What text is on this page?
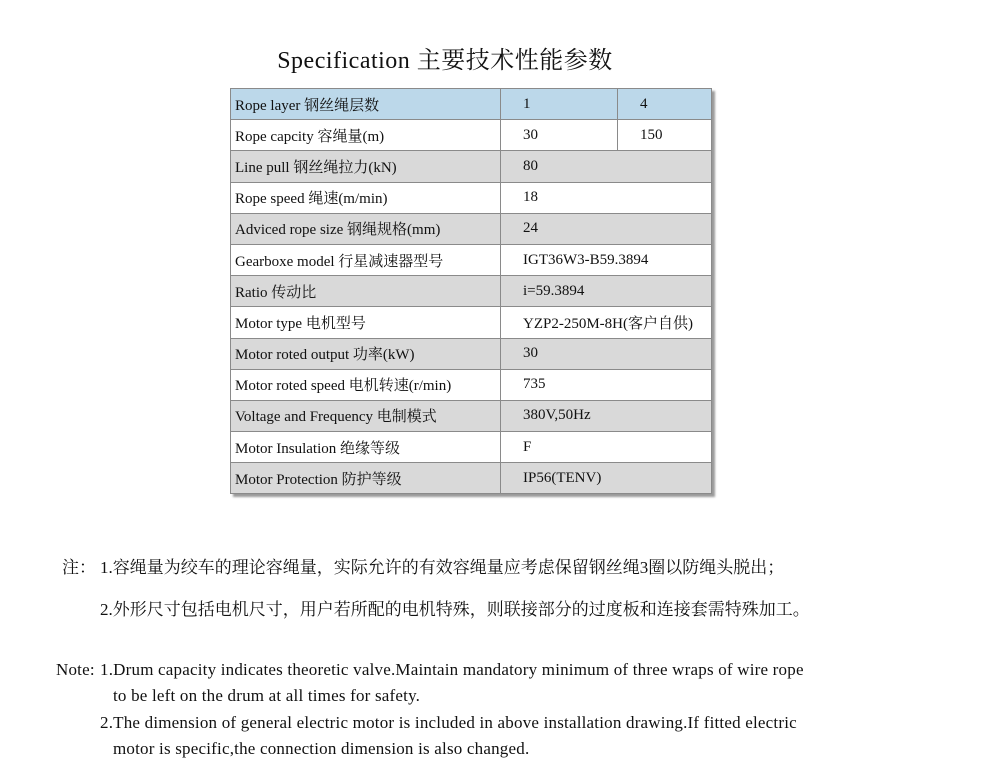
Specification 主要技术性能参数
Rope layer 钢丝绳层数	1	4
Rope capcity 容绳量(m)	30	150
Line pull 钢丝绳拉力(kN)	80	
Rope speed 绳速(m/min)	18	
Adviced rope size 钢绳规格(mm)	24	
Gearboxe model 行星减速器型号	IGT36W3-B59.3894	
Ratio 传动比	i=59.3894	
Motor type 电机型号	YZP2-250M-8H(客户自供)	
Motor roted output 功率(kW)	30	
Motor roted speed 电机转速(r/min)	735	
Voltage and Frequency 电制模式	380V,50Hz	
Motor Insulation 绝缘等级	F	
Motor Protection 防护等级	IP56(TENV)	
注： 1.容绳量为绞车的理论容绳量，实际允许的有效容绳量应考虑保留钢丝绳3圈以防绳头脱出；
2.外形尺寸包括电机尺寸，用户若所配的电机特殊，则联接部分的过度板和连接套需特殊加工。
Note: 1.Drum capacity indicates theoretic valve.Maintain mandatory minimum of three wraps of wire rope
to be left on the drum at all times for safety.
2.The dimension of general electric motor is included in above installation drawing.If fitted electric
motor is specific,the connection dimension is also changed.
